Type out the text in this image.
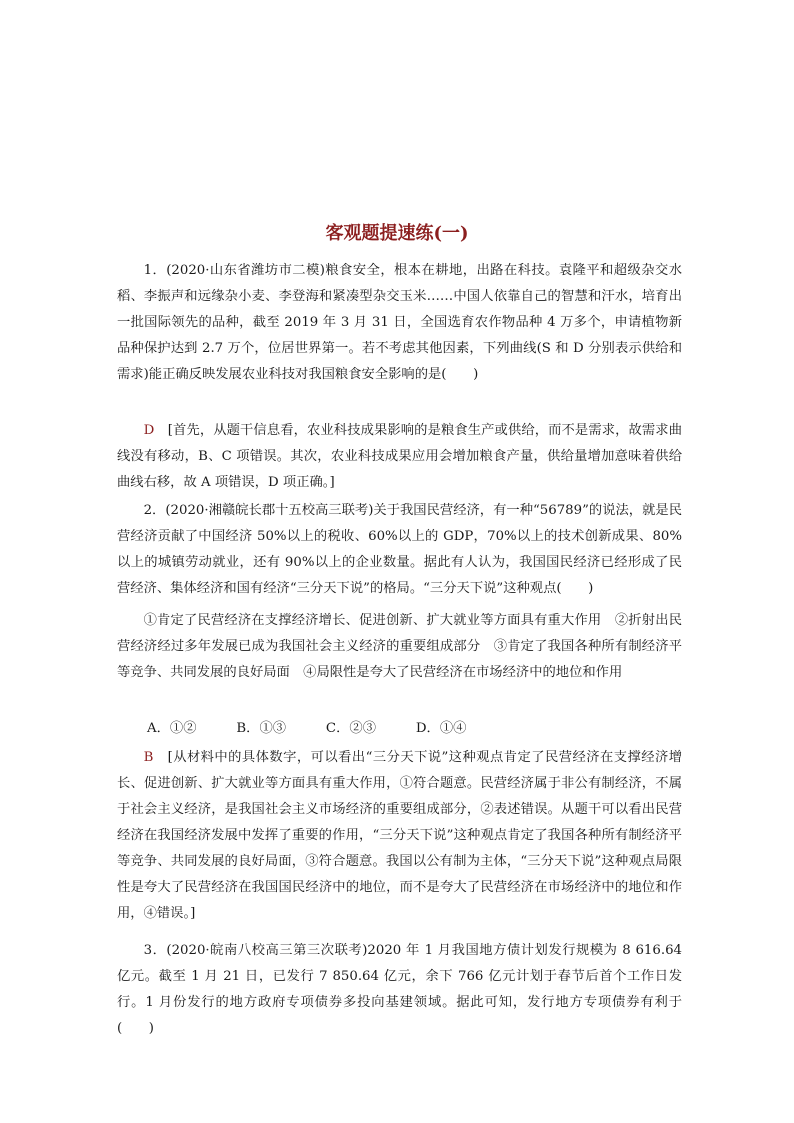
客观题提速练(一)

1．(2020·山东省潍坊市二模)粮食安全，根本在耕地，出路在科技。袁隆平和超级杂交水稻、李振声和远缘杂小麦、李登海和紧凑型杂交玉米……中国人依靠自己的智慧和汗水，培育出一批国际领先的品种，截至 2019 年 3 月 31 日，全国选育农作物品种 4 万多个，申请植物新品种保护达到 2.7 万个，位居世界第一。若不考虑其他因素，下列曲线(S 和 D 分别表示供给和需求)能正确反映发展农业科技对我国粮食安全影响的是(　　)

D　[首先，从题干信息看，农业科技成果影响的是粮食生产或供给，而不是需求，故需求曲线没有移动，B、C 项错误。其次，农业科技成果应用会增加粮食产量，供给量增加意味着供给曲线右移，故 A 项错误，D 项正确。]

2．(2020·湘赣皖长郡十五校高三联考)关于我国民营经济，有一种“56789”的说法，就是民营经济贡献了中国经济 50%以上的税收、60%以上的 GDP，70%以上的技术创新成果、80%以上的城镇劳动就业，还有 90%以上的企业数量。据此有人认为，我国国民经济已经形成了民营经济、集体经济和国有经济“三分天下说”的格局。“三分天下说”这种观点(　　)

①肯定了民营经济在支撑经济增长、促进创新、扩大就业等方面具有重大作用　②折射出民营经济经过多年发展已成为我国社会主义经济的重要组成部分　③肯定了我国各种所有制经济平等竞争、共同发展的良好局面　④局限性是夸大了民营经济在市场经济中的地位和作用

A．①②　　　B．①③　　　C．②③　　　D．①④

B　[从材料中的具体数字，可以看出“三分天下说”这种观点肯定了民营经济在支撑经济增长、促进创新、扩大就业等方面具有重大作用，①符合题意。民营经济属于非公有制经济，不属于社会主义经济，是我国社会主义市场经济的重要组成部分，②表述错误。从题干可以看出民营经济在我国经济发展中发挥了重要的作用，“三分天下说”这种观点肯定了我国各种所有制经济平等竞争、共同发展的良好局面，③符合题意。我国以公有制为主体，“三分天下说”这种观点局限性是夸大了民营经济在我国国民经济中的地位，而不是夸大了民营经济在市场经济中的地位和作用，④错误。]

3．(2020·皖南八校高三第三次联考)2020 年 1 月我国地方债计划发行规模为 8 616.64 亿元。截至 1 月 21 日，已发行 7 850.64 亿元，余下 766 亿元计划于春节后首个工作日发行。1 月份发行的地方政府专项债券多投向基建领域。据此可知，发行地方专项债券有利于(　　)
